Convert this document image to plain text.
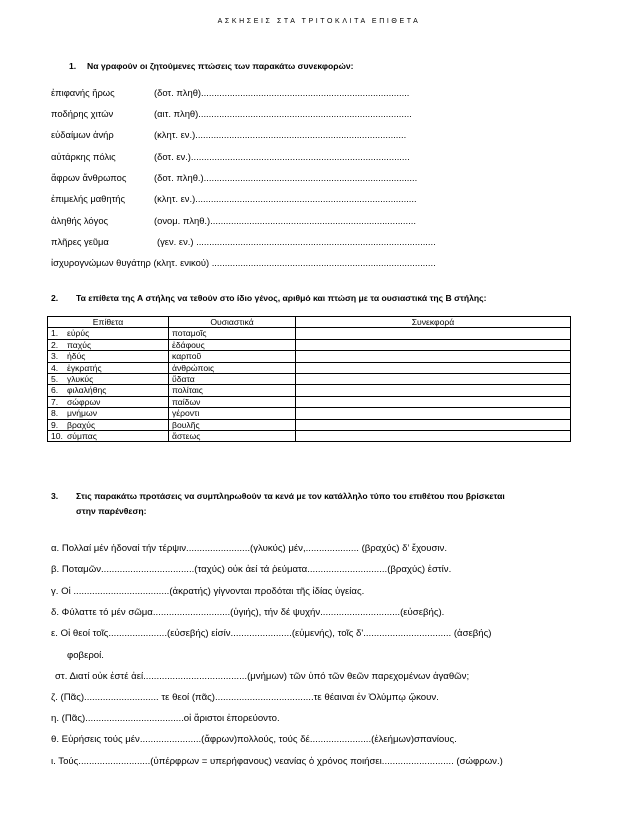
ΑΣΚΗΣΕΙΣ ΣΤΑ ΤΡΙΤΟΚΛΙΤΑ ΕΠΙΘΕΤΑ
1. Να γραφούν οι ζητούμενες πτώσεις των παρακάτω συνεκφορών:
ἐπιφανής ἥρως	(δοτ. πληθ)................................................................................
ποδήρης χιτών	(αιτ. πληθ)..................................................................................
εὐδαίμων ἀνήρ	(κλητ. εν.).................................................................................
αὐτάρκης πόλις	(δοτ. εν.)....................................................................................
ἄφρων ἄνθρωπος	(δοτ. πληθ.)..................................................................................
ἐπιμελής μαθητής	(κλητ. εν.).....................................................................................
ἀληθής λόγος	(ονομ. πληθ.)...............................................................................
πλῆρες γεῦμα	(γεν. εν.) ............................................................................................
ἰσχυρογνώμων θυγάτηρ (κλητ. ενικού) ......................................................................................
2. Τα επίθετα της Α στήλης να τεθούν στο ίδιο γένος, αριθμό και πτώση με τα ουσιαστικά της Β στήλης:
Επίθετα		Ουσιαστικά	Συνεκφορά
1.	εὐρύς	ποταμοῖς	
2.	παχύς	ἐδάφους	
3.	ἡδύς	καρποῦ	
4.	ἐγκρατής	ἀνθρώποις	
5.	γλυκύς	ὕδατα	
6.	φιλαλήθης	πολίταις	
7.	σώφρων	παίδων	
8.	μνήμων	γέροντι	
9.	βραχύς	βουλῆς	
10.	σύμπας	ἄστεως	
3. Στις παρακάτω προτάσεις να συμπληρωθούν τα κενά με τον κατάλληλο τύπο του επιθέτου που βρίσκεται
στην παρένθεση:
α. Πολλαί μέν ἡδοναί τήν τέρψιν........................(γλυκύς) μέν,.................... (βραχύς) δ’ ἔχουσιν.
β. Ποταμῶν...................................(ταχύς) οὐκ ἀεί τά ῥεύματα..............................(βραχύς) ἐστίν.
γ. Οἱ ....................................(ἀκρατής) γίγνονται προδόται τῆς ἰδίας ὑγείας.
δ. Φύλαττε τό μέν σῶμα.............................(ὑγιής), τήν δέ ψυχήν..............................(εὐσεβής).
ε. Οἱ θεοί τοῖς......................(εὐσεβής) εἰσίν.......................(εὐμενής), τοῖς δ'................................. (ἀσεβής)
φοβεροί.
στ. Διατί οὐκ ἐστέ ἀεί.......................................(μνήμων) τῶν ὑπό τῶν θεῶν παρεχομένων ἀγαθῶν;
ζ. (Πᾶς)............................ τε θεοί (πᾶς).....................................τε θέαιναι ἐν Ὀλύμπῳ ᾤκουν.
η. (Πᾶς).....................................οἱ ἄριστοι ἐπορεύοντο.
θ. Εὑρήσεις τούς μέν.......................(ἄφρων)πολλούς, τούς δέ.......................(ἐλεήμων)σπανίους.
ι. Τούς...........................(ὑπέρφρων = υπερήφανους) νεανίας ὁ χρόνος ποιήσει........................... (σώφρων.)
